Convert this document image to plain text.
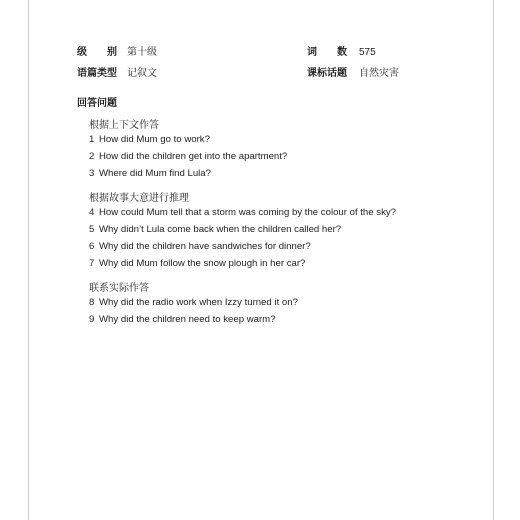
级　　别 第十级	词　　数 575
语篇类型 记叙文	课标话题 自然灾害
回答问题
根据上下文作答
1 How did Mum go to work?
2 How did the children get into the apartment?
3 Where did Mum find Lula?
根据故事大意进行推理
4 How could Mum tell that a storm was coming by the colour of the sky?
5 Why didn’t Lula come back when the children called her?
6 Why did the children have sandwiches for dinner?
7 Why did Mum follow the snow plough in her car?
联系实际作答
8 Why did the radio work when Izzy turned it on?
9 Why did the children need to keep warm?
